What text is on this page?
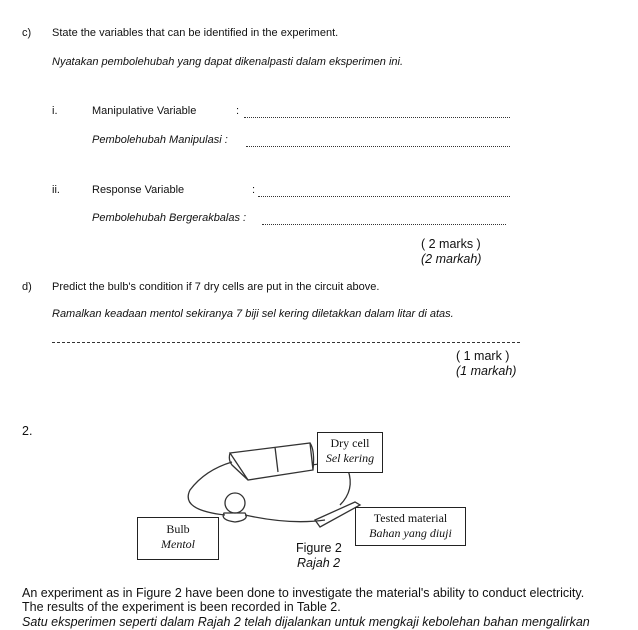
c) State the variables that can be identified in the experiment.
Nyatakan pembolehubah yang dapat dikenalpasti dalam eksperimen ini.
i.	Manipulative Variable	:
Pembolehubah Manipulasi :
ii.	Response Variable	:
Pembolehubah Bergerakbalas :
( 2 marks )
(2 markah)
d) Predict the bulb's condition if 7 dry cells are put in the circuit above.
Ramalkan keadaan mentol sekiranya 7 biji sel kering diletakkan dalam litar di atas.
( 1 mark )
(1 markah)
2.
Dry cell
Sel kering
Tested material
Bahan yang diuji
Bulb
Mentol	Figure 2
Rajah 2
An experiment as in Figure 2 have been done to investigate the material's ability to conduct electricity.
The results of the experiment is been recorded in Table 2.
Satu eksperimen seperti dalam Rajah 2 telah dijalankan untuk mengkaji kebolehan bahan mengalirkan
